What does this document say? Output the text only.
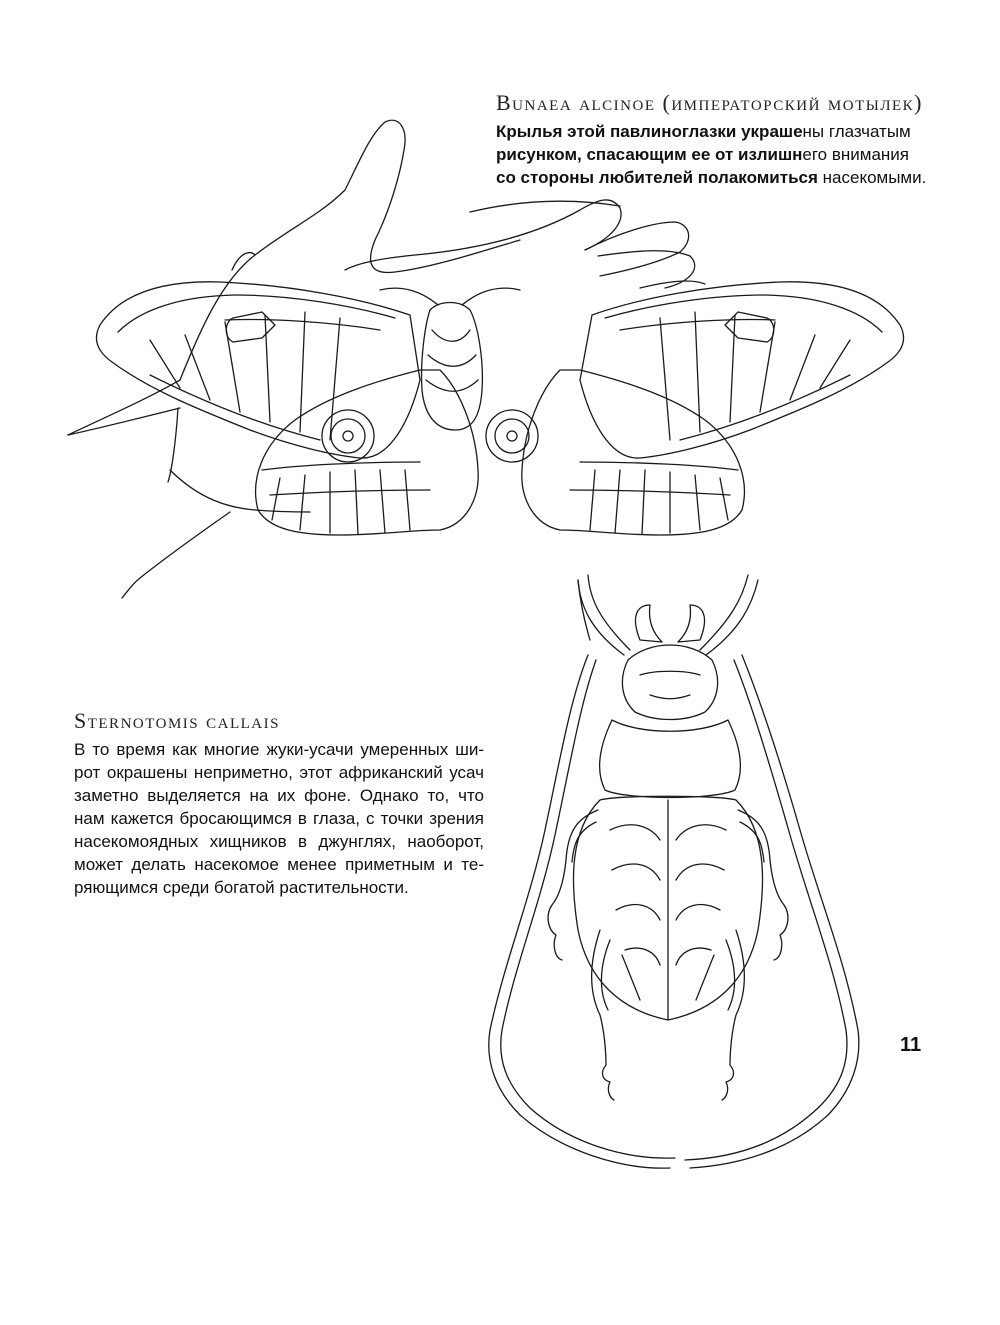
Bunaea alcinoe (императорский мотылек)

Крылья этой павлиноглазки украшены глазчатым

рисунком, спасающим ее от излишнего внимания

со стороны любителей полакомиться насекомыми.

Sternotomis callais

В то время как многие жуки-усачи умеренных ши-

рот окрашены неприметно, этот африканский усач

заметно выделяется на их фоне. Однако то, что

нам кажется бросающимся в глаза, с точки зрения

насекомоядных хищников в джунглях, наоборот,

может делать насекомое менее приметным и те-

ряющимся среди богатой растительности.

11
